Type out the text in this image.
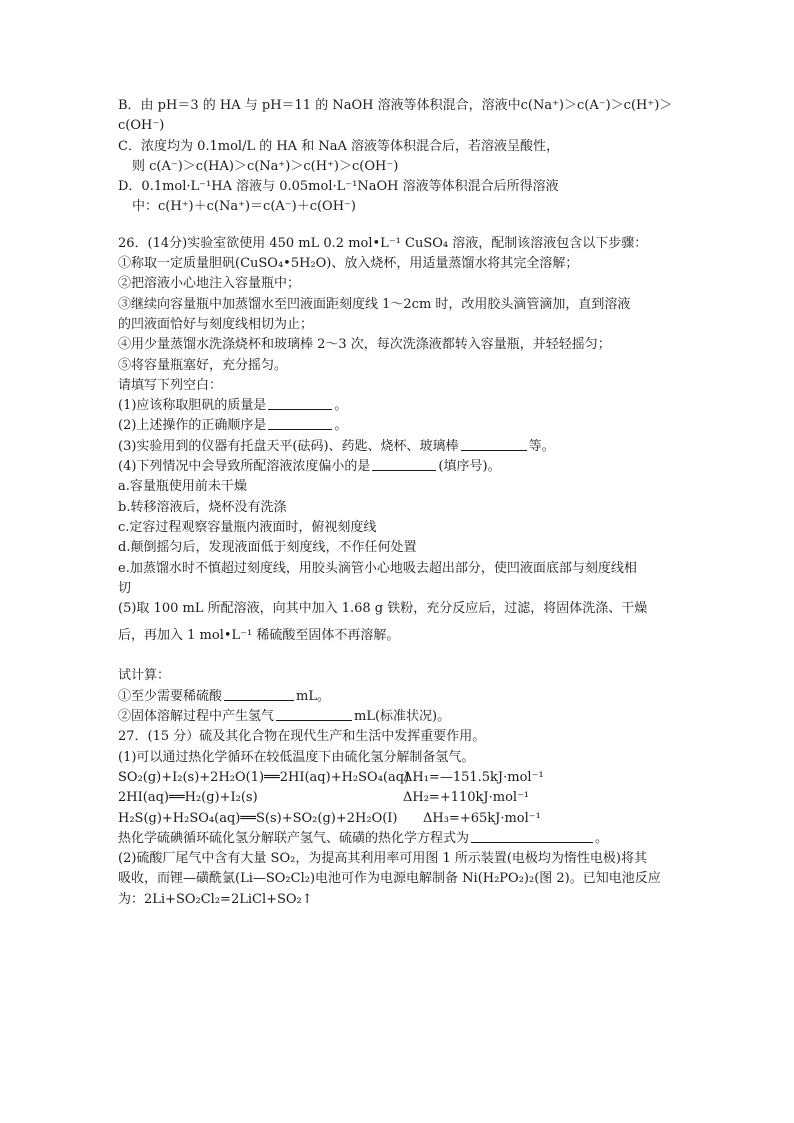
B．由 pH＝3 的 HA 与 pH＝11 的 NaOH 溶液等体积混合，溶液中c(Na⁺)＞c(A⁻)＞c(H⁺)＞
c(OH⁻)
C．浓度均为 0.1mol/L 的 HA 和 NaA 溶液等体积混合后，若溶液呈酸性，
则 c(A⁻)＞c(HA)＞c(Na⁺)＞c(H⁺)＞c(OH⁻)
D．0.1mol·L⁻¹HA 溶液与 0.05mol·L⁻¹NaOH 溶液等体积混合后所得溶液
中：c(H⁺)＋c(Na⁺)＝c(A⁻)＋c(OH⁻)
26．(14分)实验室欲使用 450 mL 0.2 mol•L⁻¹ CuSO₄ 溶液，配制该溶液包含以下步骤：
①称取一定质量胆矾(CuSO₄•5H₂O)、放入烧杯，用适量蒸馏水将其完全溶解；
②把溶液小心地注入容量瓶中；
③继续向容量瓶中加蒸馏水至凹液面距刻度线 1～2cm 时，改用胶头滴管滴加，直到溶液
的凹液面恰好与刻度线相切为止；
④用少量蒸馏水洗涤烧杯和玻璃棒 2～3 次，每次洗涤液都转入容量瓶，并轻轻摇匀；
⑤将容量瓶塞好，充分摇匀。
请填写下列空白：
(1)应该称取胆矾的质量是	。
(2)上述操作的正确顺序是	。
(3)实验用到的仪器有托盘天平(砝码)、药匙、烧杯、玻璃棒	等。
(4)下列情况中会导致所配溶液浓度偏小的是	(填序号)。
a.容量瓶使用前未干燥
b.转移溶液后，烧杯没有洗涤
c.定容过程观察容量瓶内液面时，俯视刻度线
d.颠倒摇匀后，发现液面低于刻度线，不作任何处置
e.加蒸馏水时不慎超过刻度线，用胶头滴管小心地吸去超出部分，使凹液面底部与刻度线相
切
(5)取 100 mL 所配溶液，向其中加入 1.68 g 铁粉，充分反应后，过滤，将固体洗涤、干燥
后，再加入 1 mol•L⁻¹ 稀硫酸至固体不再溶解。
试计算：
①至少需要稀硫酸	mL。
②固体溶解过程中产生氢气	mL(标准状况)。
27．(15 分）硫及其化合物在现代生产和生活中发挥重要作用。
(1)可以通过热化学循环在较低温度下由硫化氢分解制备氢气。
SO₂(g)+I₂(s)+2H₂O(1)══2HI(aq)+H₂SO₄(aq)
ΔH₁=—151.5kJ·mol⁻¹
2HI(aq)══H₂(g)+I₂(s)	ΔH₂=+110kJ·mol⁻¹
H₂S(g)+H₂SO₄(aq)══S(s)+SO₂(g)+2H₂O(I)	ΔH₃=+65kJ·mol⁻¹
热化学硫碘循环硫化氢分解联产氢气、硫磺的热化学方程式为	。
(2)硫酸厂尾气中含有大量 SO₂，为提高其利用率可用图 1 所示装置(电极均为惰性电极)将其
吸收，而锂—磺酰氯(Li—SO₂Cl₂)电池可作为电源电解制备 Ni(H₂PO₂)₂(图 2)。已知电池反应
为：2Li+SO₂Cl₂=2LiCl+SO₂↑
